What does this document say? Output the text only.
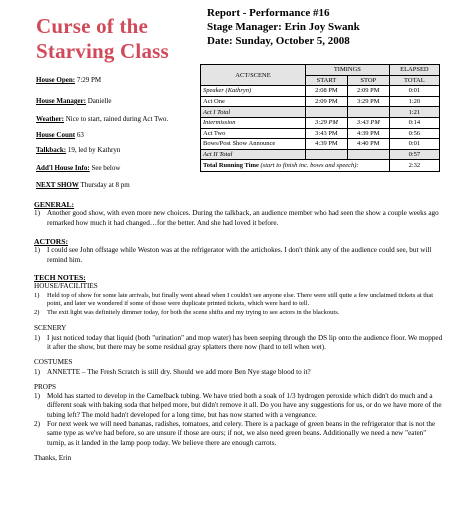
Curse of the
Starving Class
Report - Performance #16
Stage Manager: Erin Joy Swank
Date: Sunday, October 5, 2008
House Open: 7:29 PM
House Manager: Danielle
Weather: Nice to start, rained during Act Two.
House Count 63
Talkback: 19, led by Kathryn
Add'l House Info: See below
NEXT SHOW Thursday at 8 pm
ACT/SCENE	TIMINGS		ELAPSED
	START	STOP	TOTAL
Speaker (Kathryn)	2:08 PM	2:09 PM	0:01
Act One	2:09 PM	3:29 PM	1:20
Act I Total			1:21
Intermission	3:29 PM	3:43 PM	0:14
Act Two	3:43 PM	4:39 PM	0:56
Bows/Post Show Announce	4:39 PM	4:40 PM	0:01
Act II Total			0:57
Total Running Time (start to finish inc. bows and speech):			2:32
GENERAL:
1) Another good show, with even more new choices. During the talkback, an audience member who had seen the show a couple weeks ago remarked how much it had changed…for the better. And she had loved it before.
ACTORS:
1) I could see John offstage while Weston was at the refrigerator with the artichokes. I don't think any of the audience could see, but will remind him.
TECH NOTES:
HOUSE/FACILITIES
1)	Held top of show for some late arrivals, but finally went ahead when I couldn't see anyone else. There were still quite a few unclaimed tickets at that point, and later we wondered if some of those were duplicate printed tickets, which were hard to tell.
2)	The exit light was definitely dimmer today, for both the scene shifts and my trying to see actors in the blackouts.
SCENERY
1) I just noticed today that liquid (both "urination" and mop water) has been seeping through the DS lip onto the audience floor. We mopped it after the show, but there may be some residual gray splatters there now (hard to tell when wet).
COSTUMES
1) ANNETTE – The Fresh Scratch is still dry. Should we add more Ben Nye stage blood to it?
PROPS
1) Mold has started to develop in the Camelback tubing. We have tried both a soak of 1/3 hydrogen peroxide which didn't do much and a different soak with baking soda that helped more, but didn't remove it all. Do you have any suggestions for us, or do we have more of the tubing left? The mold hadn't developed for a long time, but has now started with a vengeance.
2) For next week we will need bananas, radishes, tomatoes, and celery. There is a package of green beans in the refrigerator that is not the same type as we've had before, so are unsure if those are ours; if not, we also need green beans. Additionally we need a new "eaten" turnip, as it landed in the lamp poop today. We believe there are enough carrots.
Thanks, Erin
